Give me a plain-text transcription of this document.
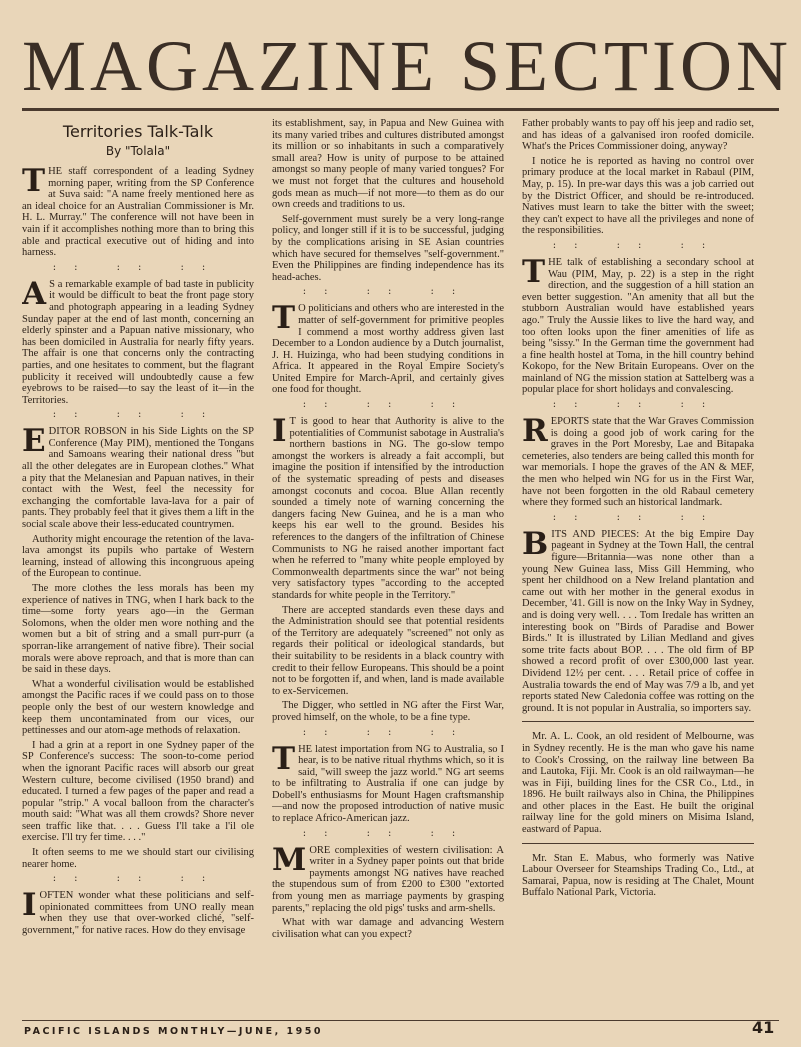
MAGAZINE SECTION
Territories Talk-Talk
By "Tolala"

THE staff correspondent of a leading Sydney morning paper, writing from the SP Conference at Suva said: "A name freely mentioned here as an ideal choice for an Australian Commissioner is Mr. H. L. Murray." The conference will not have been in vain if it accomplishes nothing more than to bring this able and practical executive out of hiding and into harness.

:: :: ::

AS a remarkable example of bad taste in publicity it would be difficult to beat the front page story and photograph appearing in a leading Sydney Sunday paper at the end of last month, concerning an elderly spinster and a Papuan native missionary, who has been domiciled in Australia for nearly fifty years. The affair is one that concerns only the contracting parties, and one hesitates to comment, but the flagrant publicity it received will undoubtedly cause a few eyebrows to be raised—to say the least of it—in the Territories.

:: :: ::

EDITOR ROBSON in his Side Lights on the SP Conference (May PIM), mentioned the Tongans and Samoans wearing their national dress "but all the other delegates are in European clothes." What a pity that the Melanesian and Papuan natives, in their contact with the West, feel the necessity for exchanging the comfortable lava-lava for a pair of pants. They probably feel that it gives them a lift in the social scale above their less-educated countrymen.

Authority might encourage the retention of the lava-lava amongst its pupils who partake of Western learning, instead of allowing this incongruous apeing of the European to continue.

The more clothes the less morals has been my experience of natives in TNG, when I hark back to the time—some forty years ago—in the German Solomons, when the older men wore nothing and the women but a bit of string and a small purr-purr (a sporran-like arrangement of native fibre). Their social morals were above reproach, and that is more than can be said in these days.

What a wonderful civilisation would be established amongst the Pacific races if we could pass on to those people only the best of our western knowledge and keep them uncontaminated from our vices, our pettinesses and our atom-age methods of relaxation.

I had a grin at a report in one Sydney paper of the SP Conference's success: The soon-to-come period when the ignorant Pacific races will absorb our great Western culture, become civilised (1950 brand) and educated. I turned a few pages of the paper and read a popular "strip." A vocal balloon from the character's mouth said: "What was all them crowds? Shore never seen traffic like that. . . . Guess I'll take a l'il ole exercise. I'll try fer time. . . ."

It often seems to me we should start our civilising nearer home.

:: :: ::

IOFTEN wonder what these politicians and self-opinionated committees from UNO really mean when they use that over-worked cliché, "self-government," for native races. How do they envisage

its establishment, say, in Papua and New Guinea with its many varied tribes and cultures distributed amongst its million or so inhabitants in such a comparatively small area? How is unity of purpose to be attained amongst so many people of many varied tongues? For we must not forget that the cultures and household gods mean as much—if not more—to them as do our own creeds and traditions to us.

Self-government must surely be a very long-range policy, and longer still if it is to be successful, judging by the complications arising in SE Asian countries which have secured for themselves "self-government." Even the Philippines are finding independence has its head-aches.

:: :: ::

TO politicians and others who are interested in the matter of self-government for primitive peoples I commend a most worthy address given last December to a London audience by a Dutch journalist, J. H. Huizinga, who had been studying conditions in Africa. It appeared in the Royal Empire Society's United Empire for March-April, and certainly gives one food for thought.

:: :: ::

IT is good to hear that Authority is alive to the potentialities of Communist sabotage in Australia's northern bastions in NG. The go-slow tempo amongst the workers is already a fait accompli, but imagine the position if intensified by the introduction of the systematic spreading of pests and diseases amongst coconuts and cocoa. Blue Allan recently sounded a timely note of warning concerning the dangers facing New Guinea, and he is a man who keeps his ear well to the ground. Besides his references to the dangers of the infiltration of Chinese Communists to NG he raised another important fact when he referred to "many white people employed by Commonwealth departments since the war" not being very satisfactory types "according to the accepted standards for white people in the Territory."

There are accepted standards even these days and the Administration should see that potential residents of the Territory are adequately "screened" not only as regards their political or ideological standards, but their suitability to be residents in a black country with credit to their fellow Europeans. This should be a point not to be forgotten if, and when, land is made available to ex-Servicemen.

The Digger, who settled in NG after the First War, proved himself, on the whole, to be a fine type.

:: :: ::

THE latest importation from NG to Australia, so I hear, is to be native ritual rhythms which, so it is said, "will sweep the jazz world." NG art seems to be infiltrating to Australia if one can judge by Dobell's enthusiasms for Mount Hagen craftsmanship—and now the proposed introduction of native music to replace Africo-American jazz.

:: :: ::

MORE complexities of western civilisation: A writer in a Sydney paper points out that bride payments amongst NG natives have reached the stupendous sum of from £200 to £300 "extorted from young men as marriage payments by grasping parents," replacing the old pigs' tusks and arm-shells.

What with war damage and advancing Western civilisation what can you expect?

Father probably wants to pay off his jeep and radio set, and has ideas of a galvanised iron roofed domicile. What's the Prices Commissioner doing, anyway?

I notice he is reported as having no control over primary produce at the local market in Rabaul (PIM, May, p. 15). In pre-war days this was a job carried out by the District Officer, and should be re-introduced. Natives must learn to take the bitter with the sweet; they can't expect to have all the privileges and none of the responsibilities.

:: :: ::

THE talk of establishing a secondary school at Wau (PIM, May, p. 22) is a step in the right direction, and the suggestion of a hill station an even better suggestion. "An amenity that all but the stubborn Australian would have established years ago." Truly the Aussie likes to live the hard way, and too often looks upon the finer amenities of life as being "sissy." In the German time the government had a fine health hostel at Toma, in the hill country behind Kokopo, for the New Britain Europeans. Over on the mainland of NG the mission station at Sattelberg was a popular place for short holidays and convalescing.

:: :: ::

REPORTS state that the War Graves Commission is doing a good job of work caring for the graves in the Port Moresby, Lae and Bitapaka cemeteries, also tenders are being called this month for war memorials. I hope the graves of the AN & MEF, the men who helped win NG for us in the First War, have not been forgotten in the old Rabaul cemetery where they formed such an historical landmark.

:: :: ::

BITS AND PIECES: At the big Empire Day pageant in Sydney at the Town Hall, the central figure—Britannia—was none other than a young New Guinea lass, Miss Gill Hemming, who spent her childhood on a New Ireland plantation and came out with her mother in the general exodus in December, '41. Gill is now on the Inky Way in Sydney, and is doing very well. . . . Tom Iredale has written an interesting book on "Birds of Paradise and Bower Birds." It is illustrated by Lilian Medland and gives some trite facts about BOP. . . . The old firm of BP showed a record profit of over £300,000 last year. Dividend 12½ per cent. . . . Retail price of coffee in Australia towards the end of May was 7/9 a lb, and yet reports stated New Caledonia coffee was rotting on the ground. It is not popular in Australia, so importers say.

Mr. A. L. Cook, an old resident of Melbourne, was in Sydney recently. He is the man who gave his name to Cook's Crossing, on the railway line between Ba and Lautoka, Fiji. Mr. Cook is an old railwayman—he was in Fiji, building lines for the CSR Co., Ltd., in 1896. He built railways also in China, the Philippines and other places in the East. He built the original railway line for the gold miners on Misima Island, eastward of Papua.

Mr. Stan E. Mabus, who formerly was Native Labour Overseer for Steamships Trading Co., Ltd., at Samarai, Papua, now is residing at The Chalet, Mount Buffalo National Park, Victoria.

PACIFIC ISLANDS MONTHLY—JUNE, 1950	41
